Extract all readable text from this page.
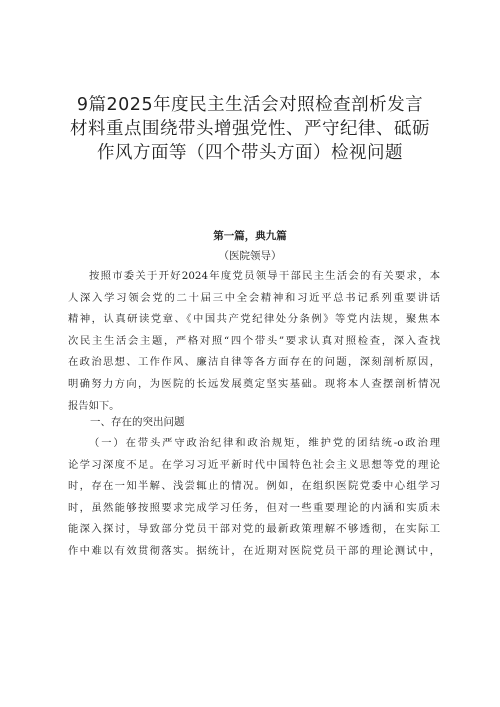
9篇2025年度民主生活会对照检查剖析发言
材料重点围绕带头增强党性、严守纪律、砥砺
作风方面等（四个带头方面）检视问题
第一篇，典九篇
（医院领导）
按照市委关于开好2024年度党员领导干部民主生活会的有关要求，本
人深入学习领会党的二十届三中全会精神和习近平总书记系列重要讲话
精神，认真研读党章、《中国共产党纪律处分条例》等党内法规，聚焦本
次民主生活会主题，严格对照“四个带头”要求认真对照检查，深入查找
在政治思想、工作作风、廉洁自律等各方面存在的问题，深刻剖析原因，
明确努力方向，为医院的长远发展奠定坚实基础。现将本人查摆剖析情况
报告如下。
一、存在的突出问题
（一）在带头严守政治纪律和政治规矩，维护党的团结统-o政治理
论学习深度不足。在学习习近平新时代中国特色社会主义思想等党的理论
时，存在一知半解、浅尝辄止的情况。例如，在组织医院党委中心组学习
时，虽然能够按照要求完成学习任务，但对一些重要理论的内涵和实质未
能深入探讨，导致部分党员干部对党的最新政策理解不够透彻，在实际工
作中难以有效贯彻落实。据统计，在近期对医院党员干部的理论测试中，
